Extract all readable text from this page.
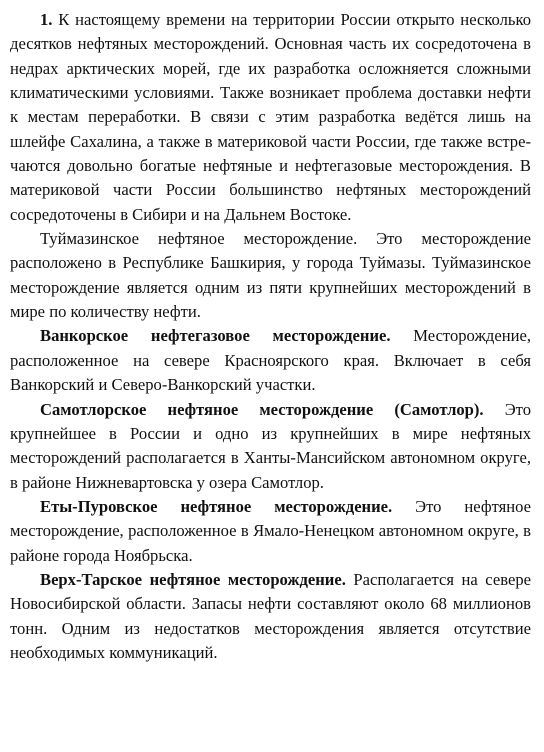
1. К настоящему времени на территории России открыто несколько десятков нефтяных месторождений. Основная часть их сосредоточена в недрах арктических морей, где их разработка осложняется сложными климатическими условиями. Также возникает проблема доставки нефти к местам переработки. В связи с этим разработка ведётся лишь на шлейфе Сахалина, а также в материковой части России, где также встречаются довольно богатые нефтяные и нефтегазовые месторождения. В материковой части России большинство нефтяных месторождений сосредоточены в Сибири и на Дальнем Востоке.

Туймазинское нефтяное месторождение. Это месторождение расположено в Республике Башкирия, у города Туймазы. Туймазинское месторождение является одним из пяти крупнейших месторождений в мире по количеству нефти.

Ванкорское нефтегазовое месторождение. Месторождение, расположенное на севере Красноярского края. Включает в себя Ванкорский и Северо-Ванкорский участки.

Самотлорское нефтяное месторождение (Самотлор). Это крупнейшее в России и одно из крупнейших в мире нефтяных месторождений располагается в Ханты-Мансийском автономном округе, в районе Нижневартовска у озера Самотлор.

Еты-Пуровское нефтяное месторождение. Это нефтяное месторождение, расположенное в Ямало-Ненецком автономном округе, в районе города Ноябрьска.

Верх-Тарское нефтяное месторождение. Располагается на севере Новосибирской области. Запасы нефти составляют около 68 миллионов тонн. Одним из недостатков месторождения является отсутствие необходимых коммуникаций.
